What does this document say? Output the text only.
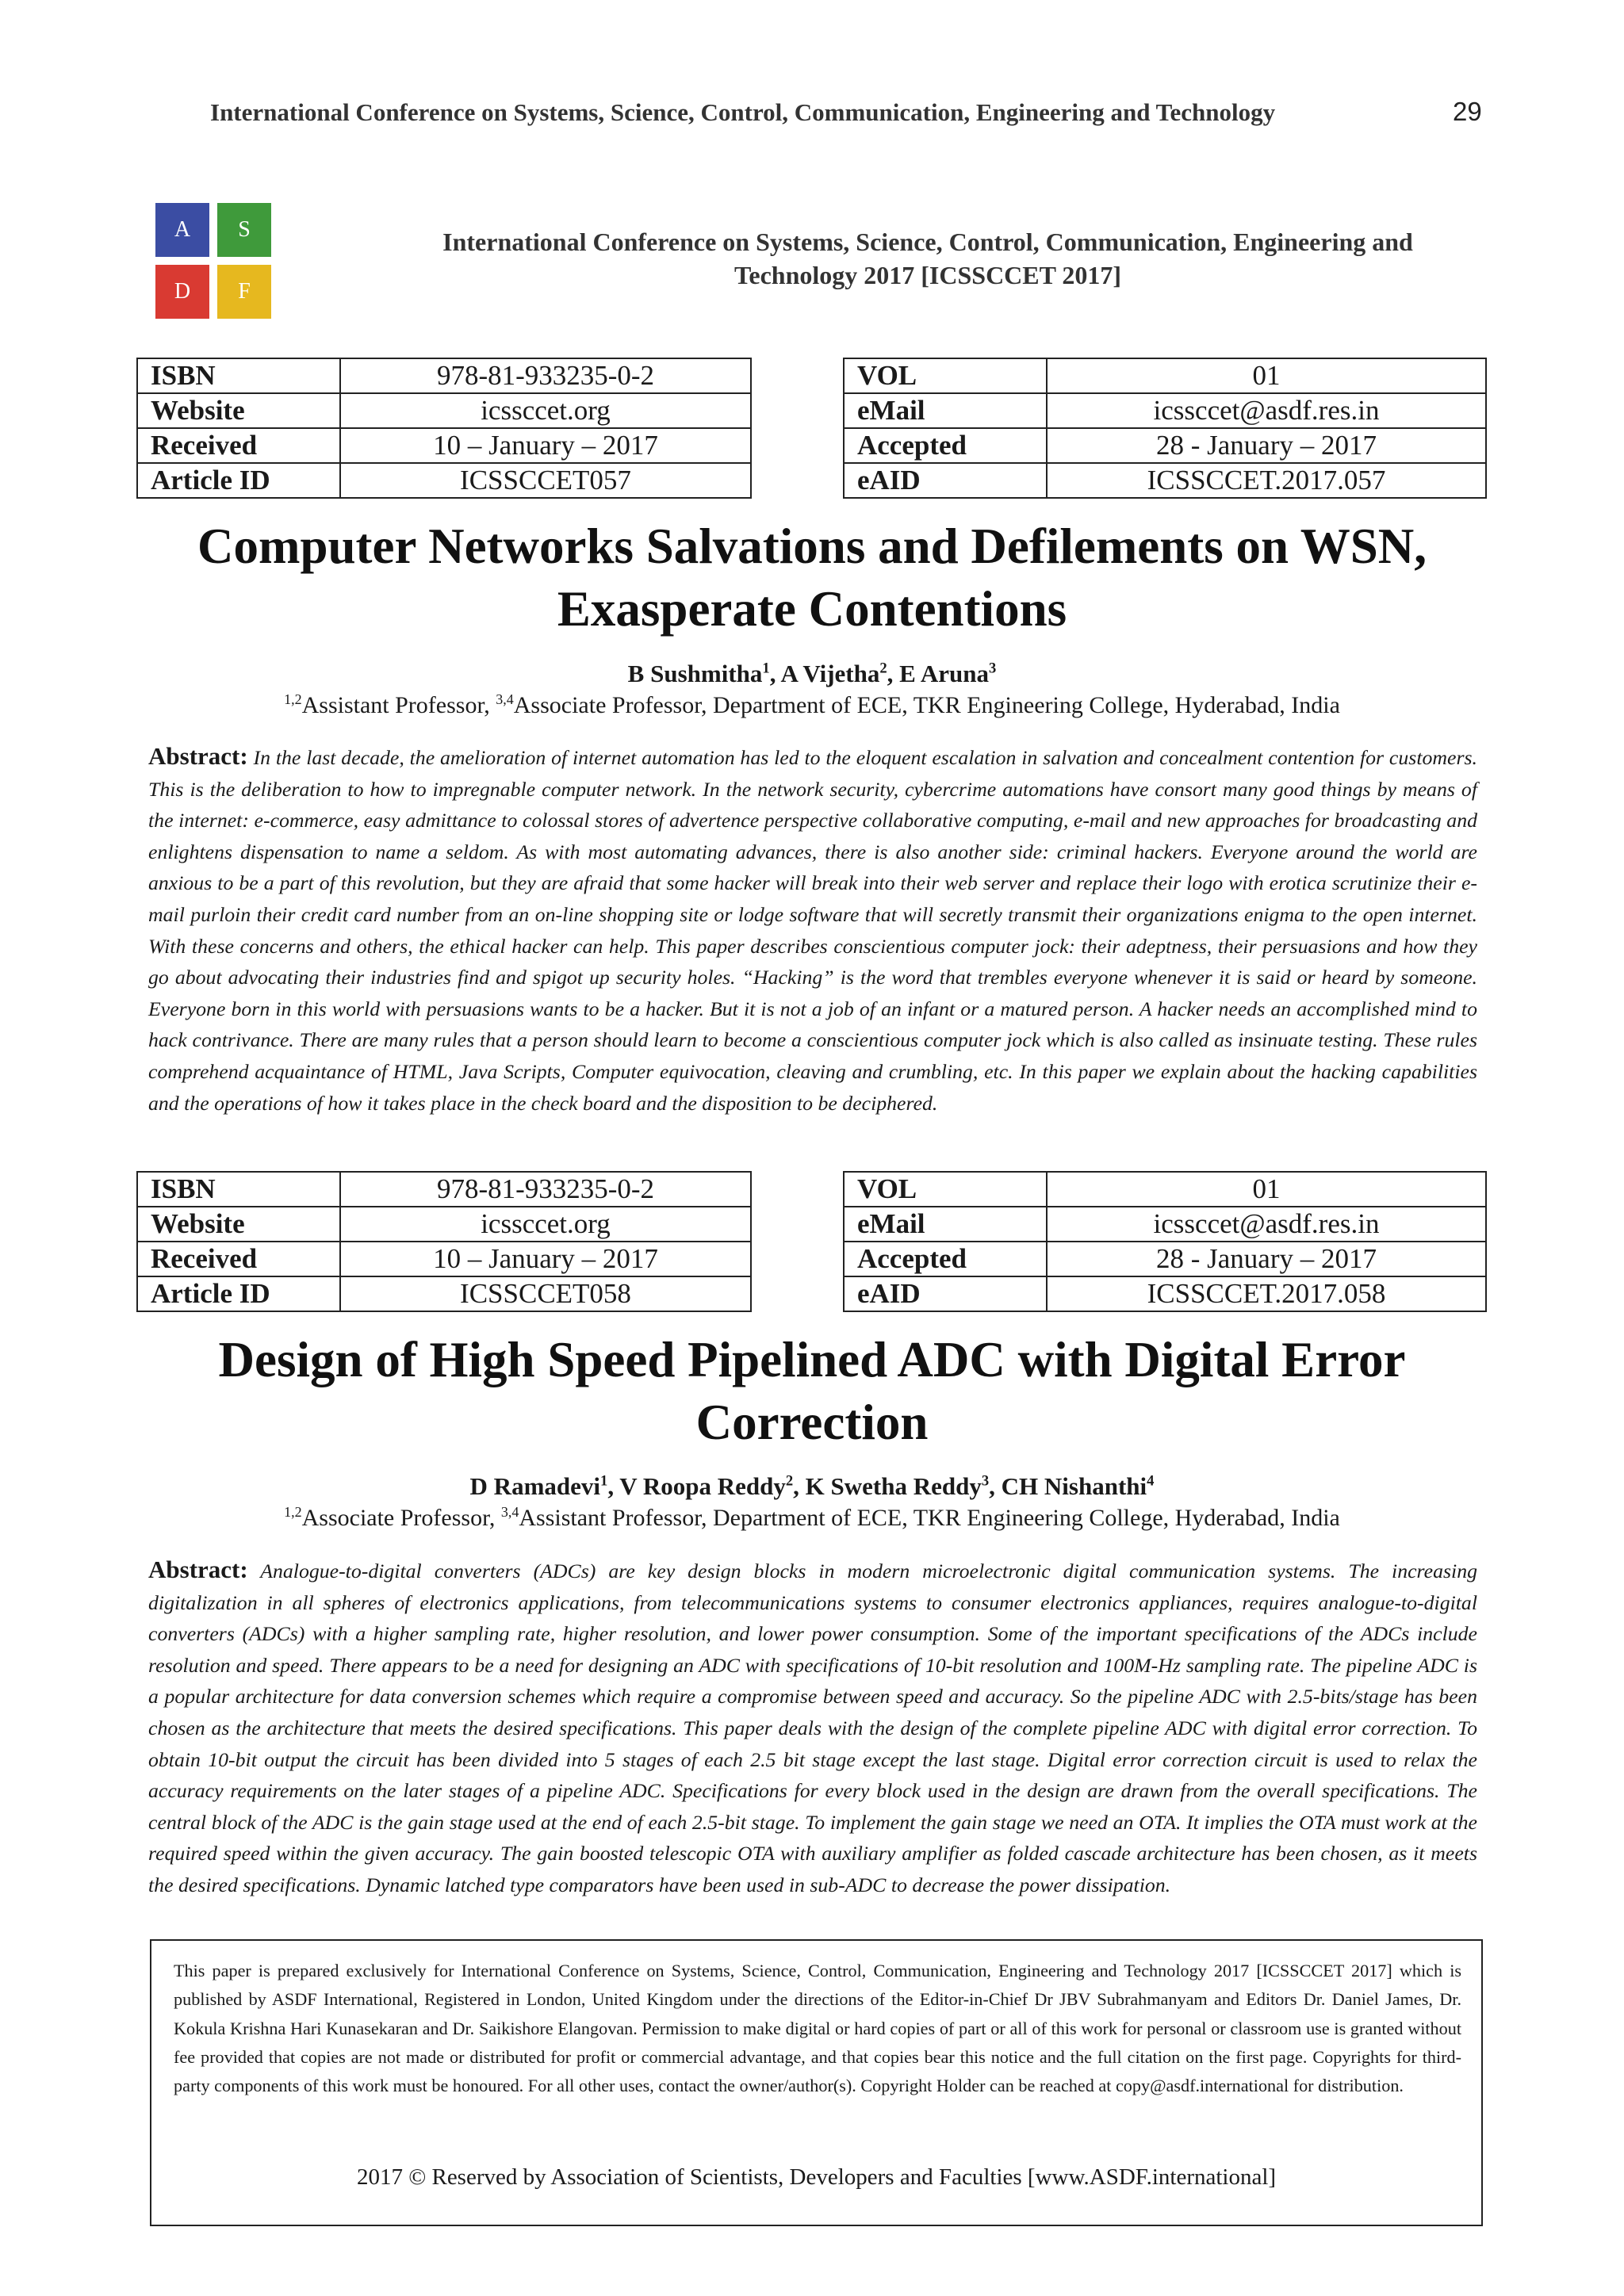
International Conference on Systems, Science, Control, Communication, Engineering and Technology	29
A	S
D	F
International Conference on Systems, Science, Control, Communication, Engineering and
Technology 2017 [ICSSCCET 2017]
ISBN	978-81-933235-0-2
Website	icssccet.org
Received	10 – January – 2017
Article ID	ICSSCCET057
VOL	01
eMail	icssccet@asdf.res.in
Accepted	28 - January – 2017
eAID	ICSSCCET.2017.057
Computer Networks Salvations and Defilements on WSN,
Exasperate Contentions
B Sushmitha$^1$, A Vijetha$^2$, E Aruna$^3$
$^{1,2}$Assistant Professor, $^{3,4}$Associate Professor, Department of ECE, TKR Engineering College, Hyderabad, India
Abstract: In the last decade, the amelioration of internet automation has led to the eloquent escalation in salvation and concealment contention for customers. This is the deliberation to how to impregnable computer network. In the network security, cybercrime automations have consort many good things by means of the internet: e-commerce, easy admittance to colossal stores of advertence perspective collaborative computing, e-mail and new approaches for broadcasting and enlightens dispensation to name a seldom. As with most automating advances, there is also another side: criminal hackers. Everyone around the world are anxious to be a part of this revolution, but they are afraid that some hacker will break into their web server and replace their logo with erotica scrutinize their e-mail purloin their credit card number from an on-line shopping site or lodge software that will secretly transmit their organizations enigma to the open internet. With these concerns and others, the ethical hacker can help. This paper describes conscientious computer jock: their adeptness, their persuasions and how they go about advocating their industries find and spigot up security holes. “Hacking” is the word that trembles everyone whenever it is said or heard by someone. Everyone born in this world with persuasions wants to be a hacker. But it is not a job of an infant or a matured person. A hacker needs an accomplished mind to hack contrivance. There are many rules that a person should learn to become a conscientious computer jock which is also called as insinuate testing. These rules comprehend acquaintance of HTML, Java Scripts, Computer equivocation, cleaving and crumbling, etc. In this paper we explain about the hacking capabilities and the operations of how it takes place in the check board and the disposition to be deciphered.
ISBN	978-81-933235-0-2
Website	icssccet.org
Received	10 – January – 2017
Article ID	ICSSCCET058
VOL	01
eMail	icssccet@asdf.res.in
Accepted	28 - January – 2017
eAID	ICSSCCET.2017.058
Design of High Speed Pipelined ADC with Digital Error
Correction
D Ramadevi$^1$, V Roopa Reddy$^2$, K Swetha Reddy$^3$, CH Nishanthi$^4$
$^{1,2}$Associate Professor, $^{3,4}$Assistant Professor, Department of ECE, TKR Engineering College, Hyderabad, India
Abstract: Analogue-to-digital converters (ADCs) are key design blocks in modern microelectronic digital communication systems. The increasing digitalization in all spheres of electronics applications, from telecommunications systems to consumer electronics appliances, requires analogue-to-digital converters (ADCs) with a higher sampling rate, higher resolution, and lower power consumption. Some of the important specifications of the ADCs include resolution and speed. There appears to be a need for designing an ADC with specifications of 10-bit resolution and 100M-Hz sampling rate. The pipeline ADC is a popular architecture for data conversion schemes which require a compromise between speed and accuracy. So the pipeline ADC with 2.5-bits/stage has been chosen as the architecture that meets the desired specifications. This paper deals with the design of the complete pipeline ADC with digital error correction. To obtain 10-bit output the circuit has been divided into 5 stages of each 2.5 bit stage except the last stage. Digital error correction circuit is used to relax the accuracy requirements on the later stages of a pipeline ADC. Specifications for every block used in the design are drawn from the overall specifications. The central block of the ADC is the gain stage used at the end of each 2.5-bit stage. To implement the gain stage we need an OTA. It implies the OTA must work at the required speed within the given accuracy. The gain boosted telescopic OTA with auxiliary amplifier as folded cascade architecture has been chosen, as it meets the desired specifications. Dynamic latched type comparators have been used in sub-ADC to decrease the power dissipation.
This paper is prepared exclusively for International Conference on Systems, Science, Control, Communication, Engineering and Technology 2017 [ICSSCCET 2017] which is published by ASDF International, Registered in London, United Kingdom under the directions of the Editor-in-Chief Dr JBV Subrahmanyam and Editors Dr. Daniel James, Dr. Kokula Krishna Hari Kunasekaran and Dr. Saikishore Elangovan. Permission to make digital or hard copies of part or all of this work for personal or classroom use is granted without fee provided that copies are not made or distributed for profit or commercial advantage, and that copies bear this notice and the full citation on the first page. Copyrights for third-party components of this work must be honoured. For all other uses, contact the owner/author(s). Copyright Holder can be reached at copy@asdf.international for distribution.
2017 © Reserved by Association of Scientists, Developers and Faculties [www.ASDF.international]
